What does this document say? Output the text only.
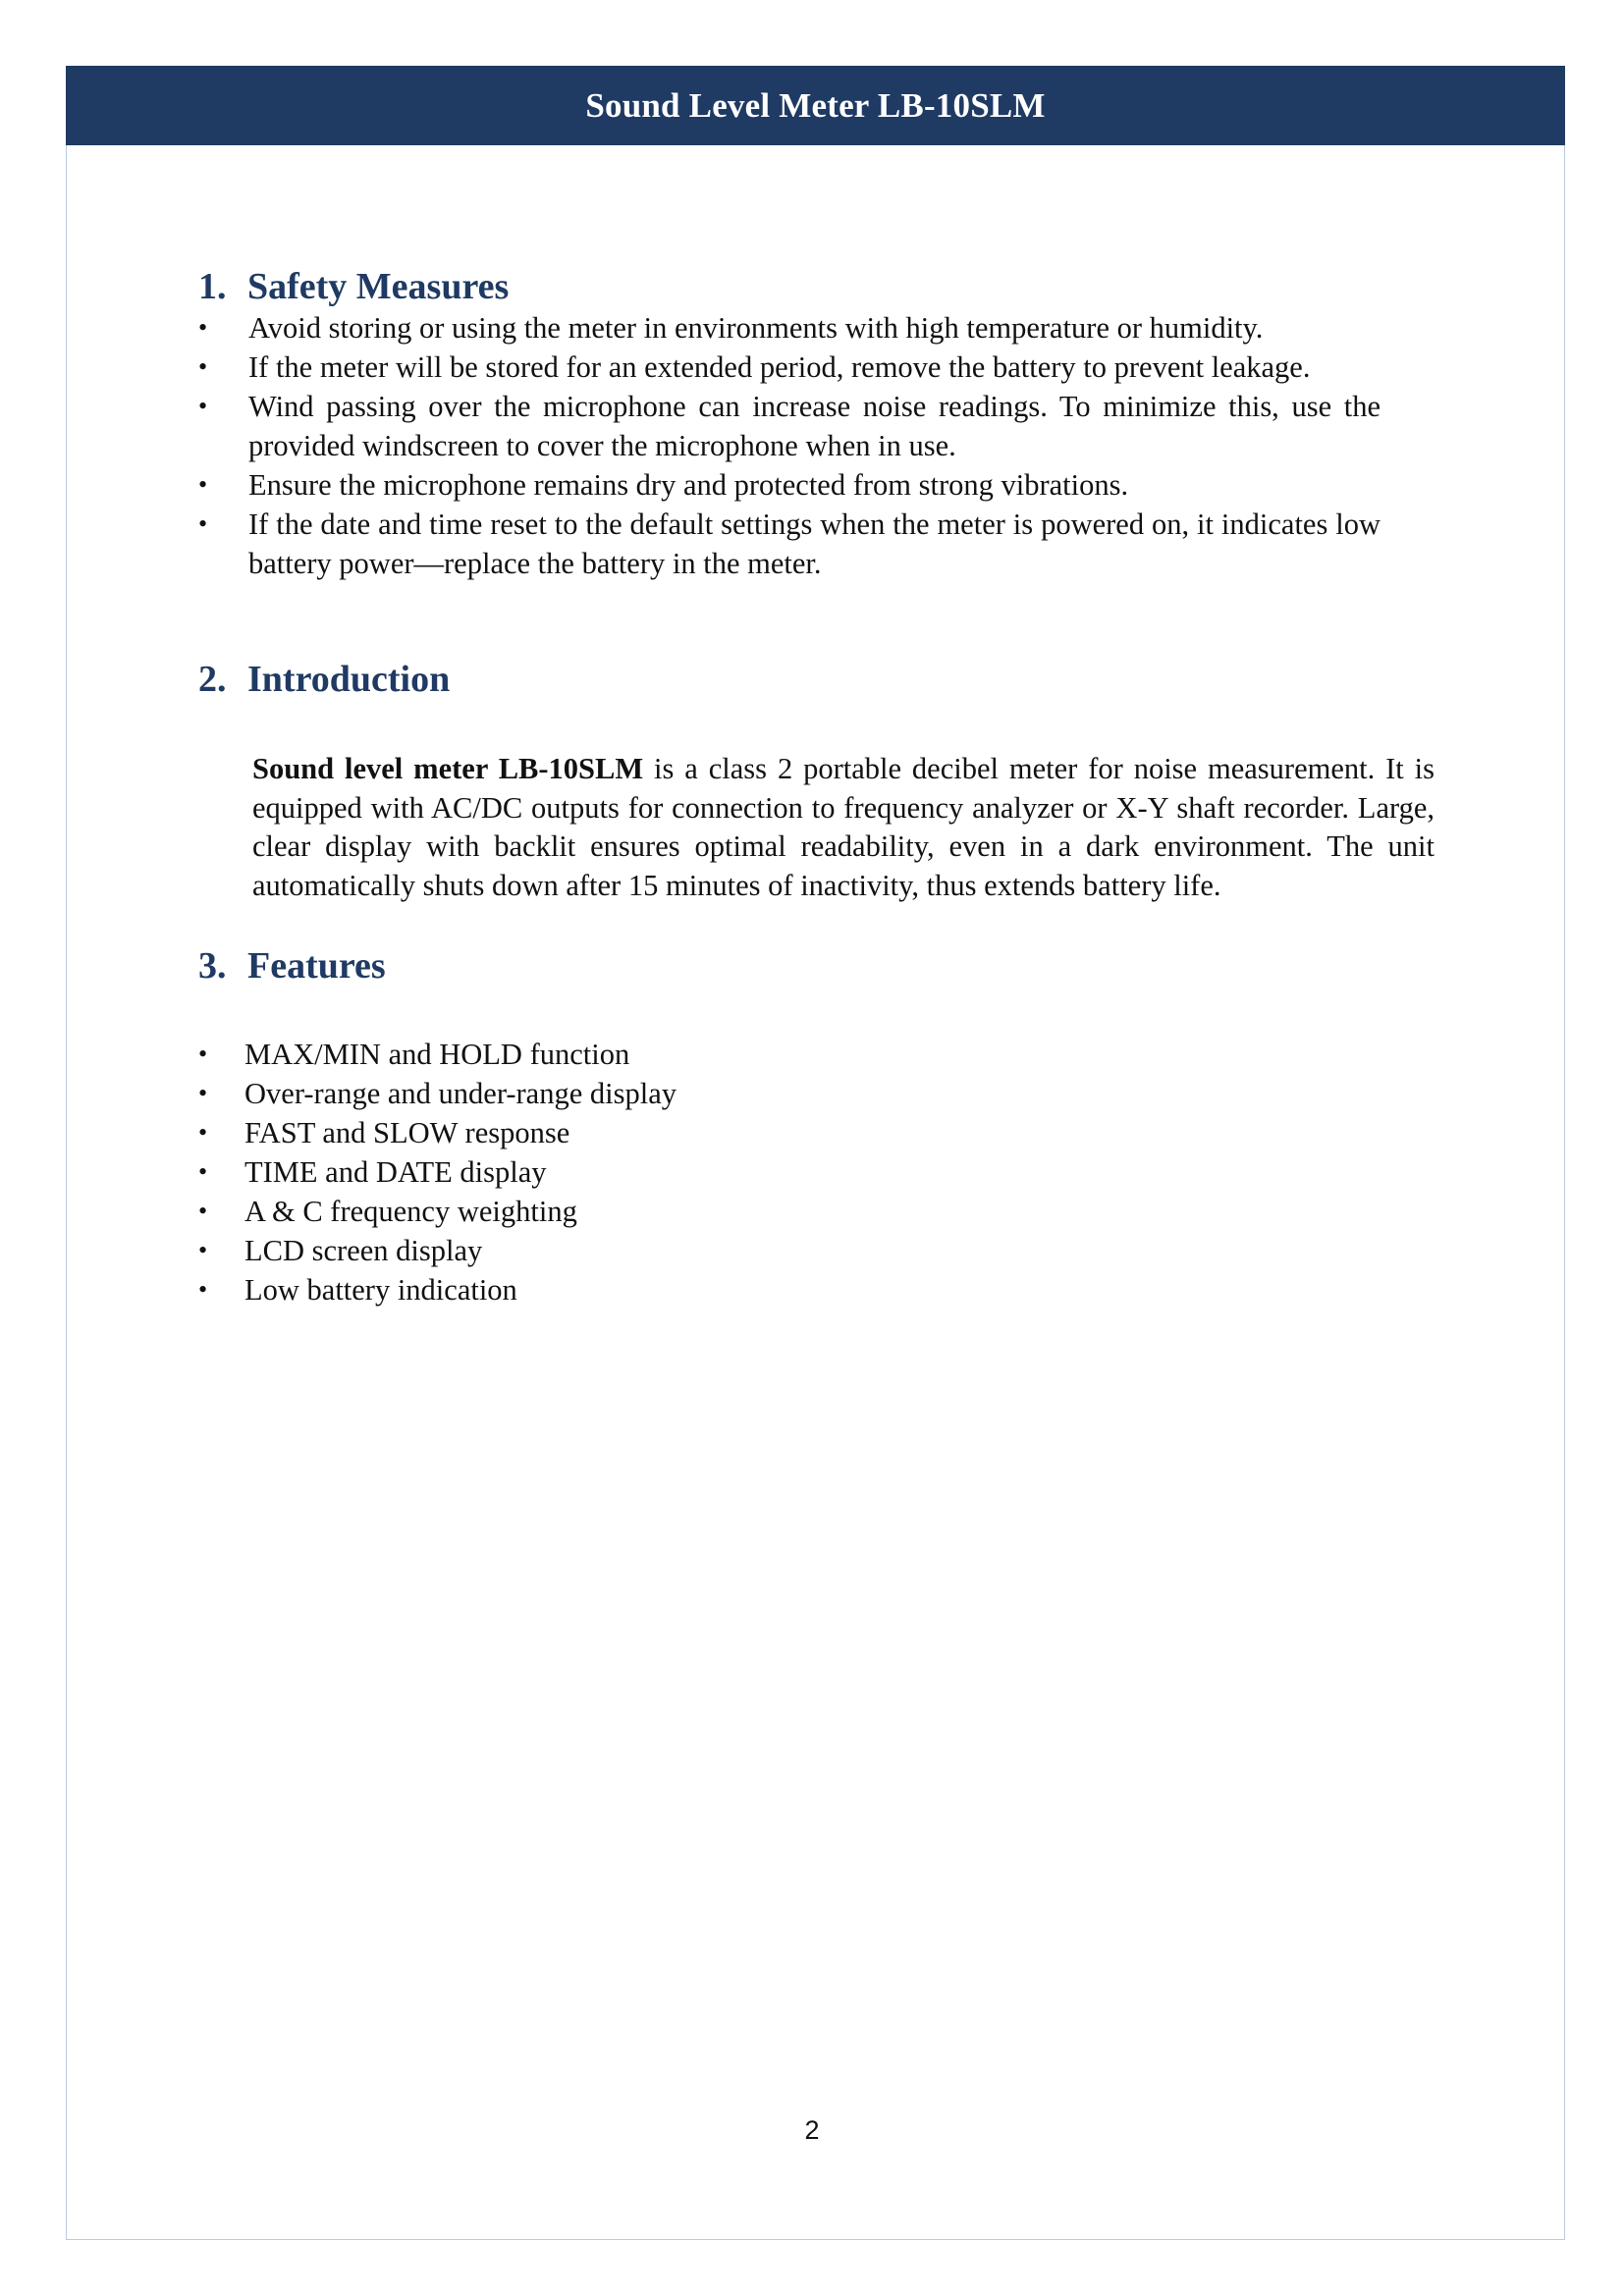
Sound Level Meter LB-10SLM
1. Safety Measures
•	Avoid storing or using the meter in environments with high temperature or humidity.
•	If the meter will be stored for an extended period, remove the battery to prevent leakage.
•	Wind passing over the microphone can increase noise readings. To minimize this, use the provided windscreen to cover the microphone when in use.
•	Ensure the microphone remains dry and protected from strong vibrations.
•	If the date and time reset to the default settings when the meter is powered on, it indicates low battery power—replace the battery in the meter.
2. Introduction

Sound level meter LB-10SLM is a class 2 portable decibel meter for noise measurement. It is equipped with AC/DC outputs for connection to frequency analyzer or X-Y shaft recorder. Large, clear display with backlit ensures optimal readability, even in a dark environment. The unit automatically shuts down after 15 minutes of inactivity, thus extends battery life.

3. Features
•	MAX/MIN and HOLD function
•	Over-range and under-range display
•	FAST and SLOW response
•	TIME and DATE display
•	A & C frequency weighting
•	LCD screen display
•	Low battery indication
2
